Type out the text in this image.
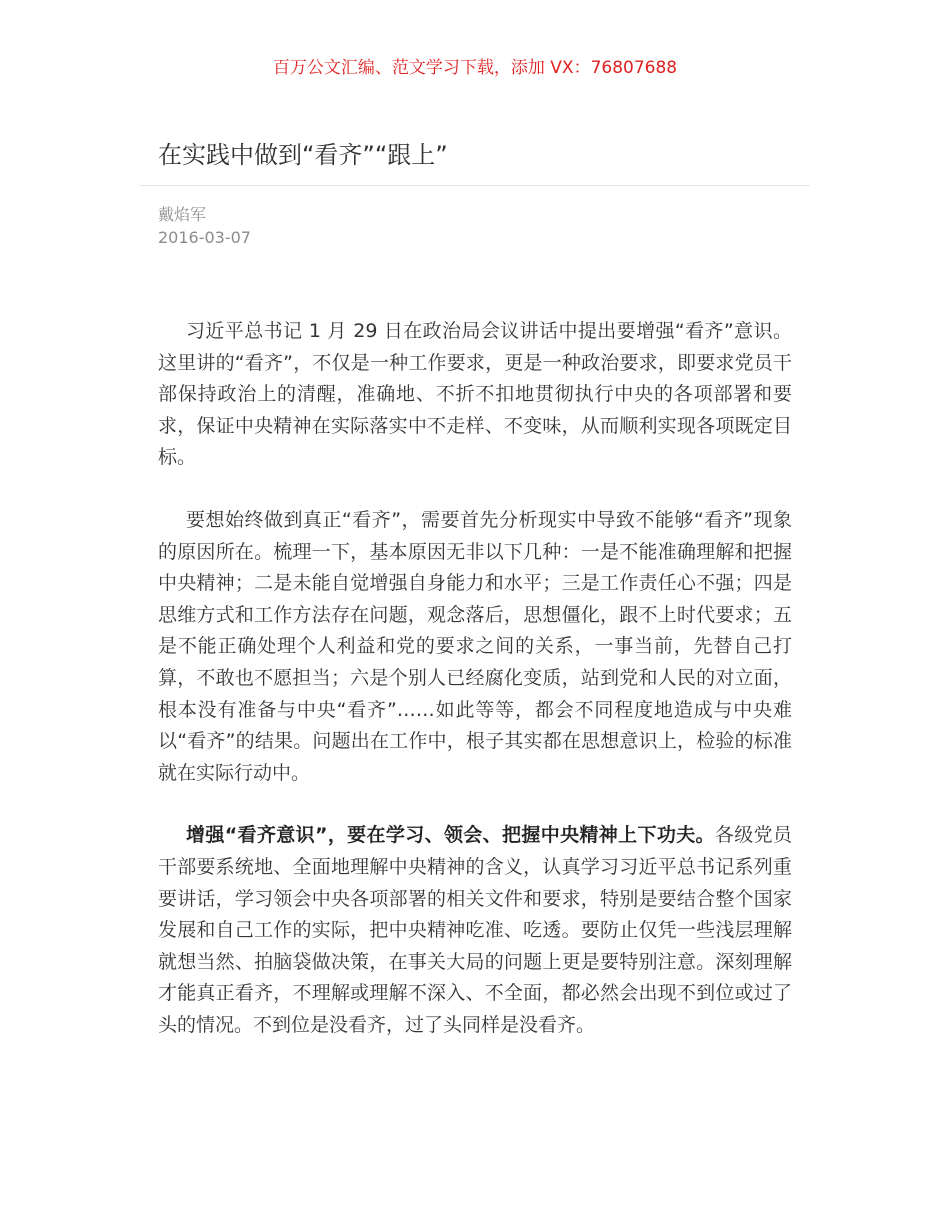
百万公文汇编、范文学习下载，添加 VX：76807688
在实践中做到“看齐”“跟上”
戴焰军
2016-03-07

习近平总书记 1 月 29 日在政治局会议讲话中提出要增强“看齐”意识。这里讲的“看齐”，不仅是一种工作要求，更是一种政治要求，即要求党员干部保持政治上的清醒，准确地、不折不扣地贯彻执行中央的各项部署和要求，保证中央精神在实际落实中不走样、不变味，从而顺利实现各项既定目标。

要想始终做到真正“看齐”，需要首先分析现实中导致不能够“看齐”现象的原因所在。梳理一下，基本原因无非以下几种：一是不能准确理解和把握中央精神；二是未能自觉增强自身能力和水平；三是工作责任心不强；四是思维方式和工作方法存在问题，观念落后，思想僵化，跟不上时代要求；五是不能正确处理个人利益和党的要求之间的关系，一事当前，先替自己打算，不敢也不愿担当；六是个别人已经腐化变质，站到党和人民的对立面，根本没有准备与中央“看齐”……如此等等，都会不同程度地造成与中央难以“看齐”的结果。问题出在工作中，根子其实都在思想意识上，检验的标准就在实际行动中。

增强“看齐意识”，要在学习、领会、把握中央精神上下功夫。各级党员干部要系统地、全面地理解中央精神的含义，认真学习习近平总书记系列重要讲话，学习领会中央各项部署的相关文件和要求，特别是要结合整个国家发展和自己工作的实际，把中央精神吃准、吃透。要防止仅凭一些浅层理解就想当然、拍脑袋做决策，在事关大局的问题上更是要特别注意。深刻理解才能真正看齐，不理解或理解不深入、不全面，都必然会出现不到位或过了头的情况。不到位是没看齐，过了头同样是没看齐。
